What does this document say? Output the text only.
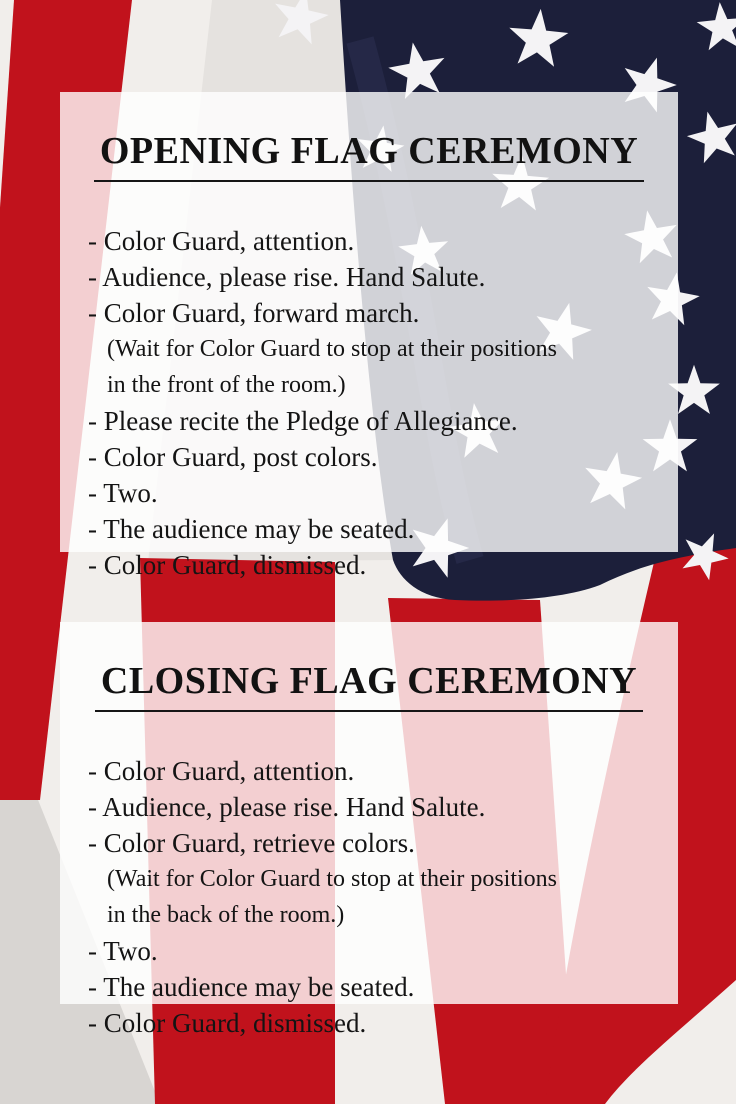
OPENING FLAG CEREMONY
- Color Guard, attention.
- Audience, please rise. Hand Salute.
- Color Guard, forward march.
(Wait for Color Guard to stop at their positions
in the front of the room.)
- Please recite the Pledge of Allegiance.
- Color Guard, post colors.
- Two.
- The audience may be seated.
- Color Guard, dismissed.
CLOSING FLAG CEREMONY
- Color Guard, attention.
- Audience, please rise. Hand Salute.
- Color Guard, retrieve colors.
(Wait for Color Guard to stop at their positions
in the back of the room.)
- Two.
- The audience may be seated.
- Color Guard, dismissed.
